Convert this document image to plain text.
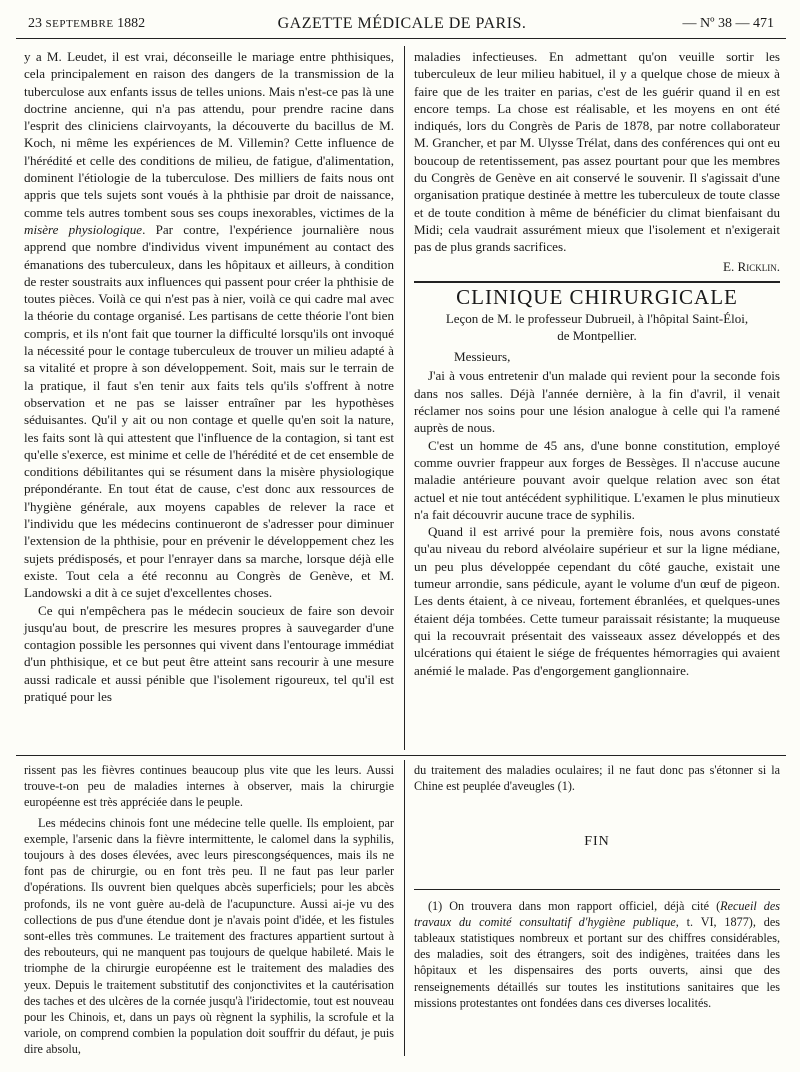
23 SEPTEMBRE 1882	GAZETTE MÉDICALE DE PARIS.	— Nº 38 — 471

y a M. Leudet, il est vrai, déconseille le mariage entre phthisiques, cela principalement en raison des dangers de la transmission de la tuberculose aux enfants issus de telles unions. Mais n'est-ce pas là une doctrine ancienne, qui n'a pas attendu, pour prendre racine dans l'esprit des cliniciens clairvoyants, la découverte du bacillus de M. Koch, ni même les expériences de M. Villemin? Cette influence de l'hérédité et celle des conditions de milieu, de fatigue, d'alimentation, dominent l'étiologie de la tuberculose. Des milliers de faits nous ont appris que tels sujets sont voués à la phthisie par droit de naissance, comme tels autres tombent sous ses coups inexorables, victimes de la misère physiologique. Par contre, l'expérience journalière nous apprend que nombre d'individus vivent impunément au contact des émanations des tuberculeux, dans les hôpitaux et ailleurs, à condition de rester soustraits aux influences qui passent pour créer la phthisie de toutes pièces. Voilà ce qui n'est pas à nier, voilà ce qui cadre mal avec la théorie du contage organisé. Les partisans de cette théorie l'ont bien compris, et ils n'ont fait que tourner la difficulté lorsqu'ils ont invoqué la nécessité pour le contage tuberculeux de trouver un milieu adapté à sa vitalité et propre à son développement. Soit, mais sur le terrain de la pratique, il faut s'en tenir aux faits tels qu'ils s'offrent à notre observation et ne pas se laisser entraîner par les hypothèses séduisantes. Qu'il y ait ou non contage et quelle qu'en soit la nature, les faits sont là qui attestent que l'influence de la contagion, si tant est qu'elle s'exerce, est minime et celle de l'hérédité et de cet ensemble de conditions débilitantes qui se résument dans la misère physiologique prépondérante. En tout état de cause, c'est donc aux ressources de l'hygiène générale, aux moyens capables de relever la race et l'individu que les médecins continueront de s'adresser pour diminuer l'extension de la phthisie, pour en prévenir le développement chez les sujets prédisposés, et pour l'enrayer dans sa marche, lorsque déjà elle existe. Tout cela a été reconnu au Congrès de Genève, et M. Landowski a dit à ce sujet d'excellentes choses.

Ce qui n'empêchera pas le médecin soucieux de faire son devoir jusqu'au bout, de prescrire les mesures propres à sauvegarder d'une contagion possible les personnes qui vivent dans l'entourage immédiat d'un phthisique, et ce but peut être atteint sans recourir à une mesure aussi radicale et aussi pénible que l'isolement rigoureux, tel qu'il est pratiqué pour les

maladies infectieuses. En admettant qu'on veuille sortir les tuberculeux de leur milieu habituel, il y a quelque chose de mieux à faire que de les traiter en parias, c'est de les guérir quand il en est encore temps. La chose est réalisable, et les moyens en ont été indiqués, lors du Congrès de Paris de 1878, par notre collaborateur M. Grancher, et par M. Ulysse Trélat, dans des conférences qui ont eu boucoup de retentissement, pas assez pourtant pour que les membres du Congrès de Genève en ait conservé le souvenir. Il s'agissait d'une organisation pratique destinée à mettre les tuberculeux de toute classe et de toute condition à même de bénéficier du climat bienfaisant du Midi; cela vaudrait assurément mieux que l'isolement et n'exigerait pas de plus grands sacrifices.

E. Ricklin.
CLINIQUE CHIRURGICALE
Leçon de M. le professeur Dubrueil, à l'hôpital Saint-Éloi,
de Montpellier.

Messieurs,

J'ai à vous entretenir d'un malade qui revient pour la seconde fois dans nos salles. Déjà l'année dernière, à la fin d'avril, il venait réclamer nos soins pour une lésion analogue à celle qui l'a ramené auprès de nous.

C'est un homme de 45 ans, d'une bonne constitution, employé comme ouvrier frappeur aux forges de Bessèges. Il n'accuse aucune maladie antérieure pouvant avoir quelque relation avec son état actuel et nie tout antécédent syphilitique. L'examen le plus minutieux n'a fait découvrir aucune trace de syphilis.

Quand il est arrivé pour la première fois, nous avons constaté qu'au niveau du rebord alvéolaire supérieur et sur la ligne médiane, un peu plus développée cependant du côté gauche, existait une tumeur arrondie, sans pédicule, ayant le volume d'un œuf de pigeon. Les dents étaient, à ce niveau, fortement ébranlées, et quelques-unes étaient déja tombées. Cette tumeur paraissait résistante; la muqueuse qui la recouvrait présentait des vaisseaux assez développés et des ulcérations qui étaient le siége de fréquentes hémorragies qui avaient anémié le malade. Pas d'engorgement ganglionnaire.

rissent pas les fièvres continues beaucoup plus vite que les leurs. Aussi trouve-t-on peu de maladies internes à observer, mais la chirurgie européenne est très appréciée dans le peuple.

Les médecins chinois font une médecine telle quelle. Ils emploient, par exemple, l'arsenic dans la fièvre intermittente, le calomel dans la syphilis, toujours à des doses élevées, avec leurs pirescongséquences, mais ils ne font pas de chirurgie, ou en font très peu. Il ne faut pas leur parler d'opérations. Ils ouvrent bien quelques abcès superficiels; pour les abcès profonds, ils ne vont guère au-delà de l'acupuncture. Aussi ai-je vu des collections de pus d'une étendue dont je n'avais point d'idée, et les fistules sont-elles très communes. Le traitement des fractures appartient surtout à des rebouteurs, qui ne manquent pas toujours de quelque habileté. Mais le triomphe de la chirurgie européenne est le traitement des maladies des yeux. Depuis le traitement substitutif des conjonctivites et la cautérisation des taches et des ulcères de la cornée jusqu'à l'iridectomie, tout est nouveau pour les Chinois, et, dans un pays où règnent la syphilis, la scrofule et la variole, on comprend combien la population doit souffrir du défaut, je puis dire absolu,

du traitement des maladies oculaires; il ne faut donc pas s'étonner si la Chine est peuplée d'aveugles (1).

FIN

(1) On trouvera dans mon rapport officiel, déjà cité (Recueil des travaux du comité consultatif d'hygiène publique, t. VI, 1877), des tableaux statistiques nombreux et portant sur des chiffres considérables, des maladies, soit des étrangers, soit des indigènes, traitées dans les hôpitaux et les dispensaires des ports ouverts, ainsi que des renseignements détaillés sur toutes les institutions sanitaires que les missions protestantes ont fondées dans ces diverses localités.
